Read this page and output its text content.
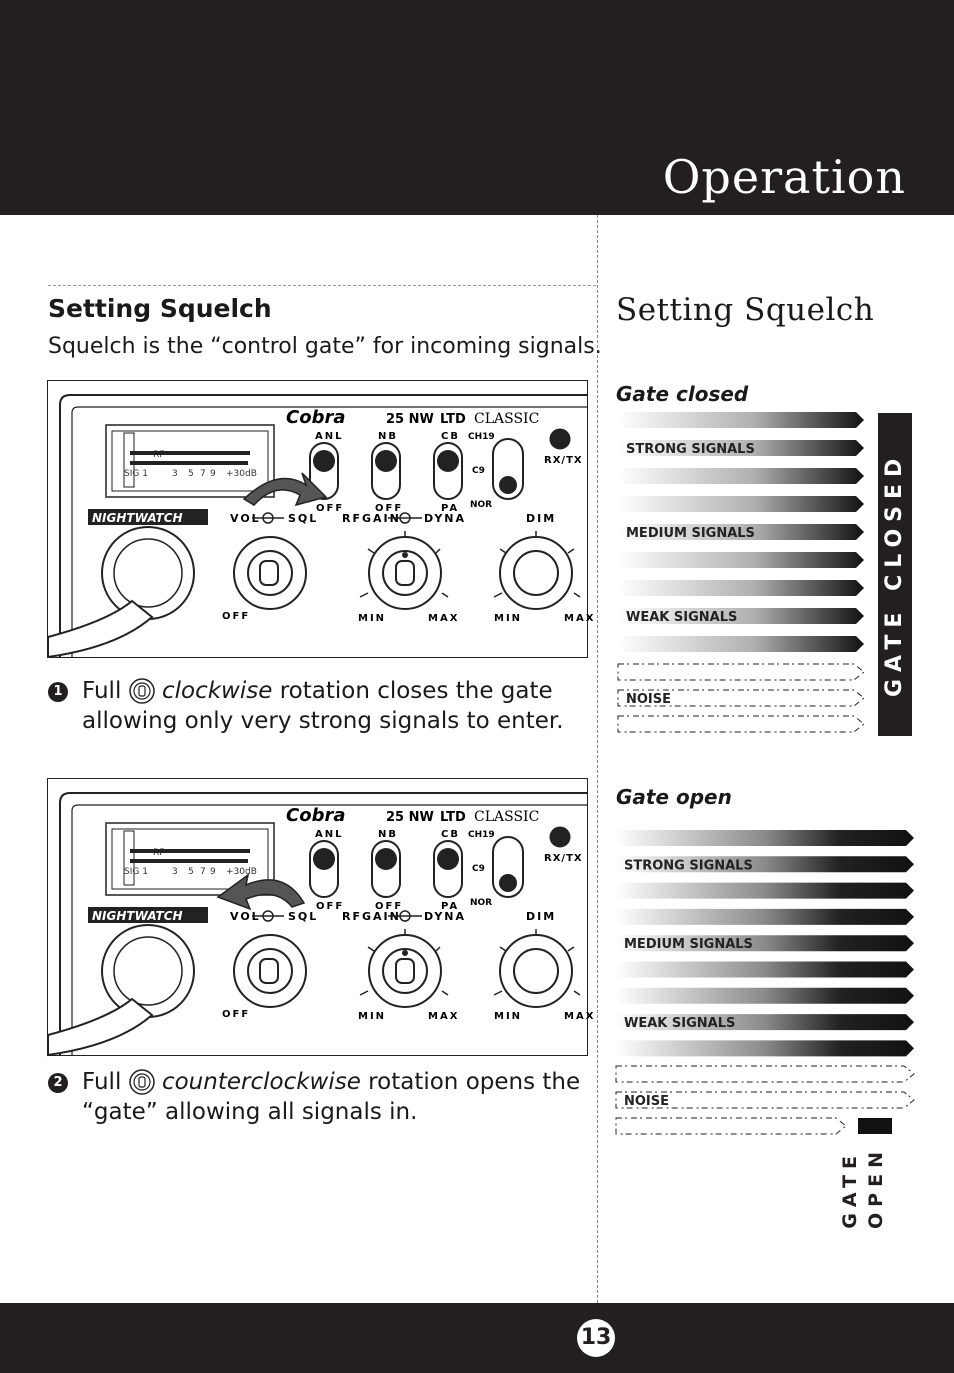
Operation
Setting Squelch
Squelch is the “control gate” for incoming signals.
SIG 1	3 5 7 9 +30dB
Cobra	25 NW LTD CLASSIC
ANL	NB	CB
OFF	OFF	PA
CH19
C9
NOR
RX/TX
NIGHTWATCH	VOL SQL RFGAIN DYNA	DIM
OFF	MIN	MAX	MIN	MAX
SIG 1	3 5 7 9 +30dB
Cobra	25 NW LTD CLASSIC
ANL	NB	CB
OFF	OFF	PA
CH19
C9
NOR
RX/TX
NIGHTWATCH	VOL SQL RFGAIN DYNA	DIM
OFF	MIN	MAX	MIN	MAX
1 Full clockwise rotation closes the gate allowing only very strong signals to enter.
2 Full counterclockwise rotation opens the “gate” allowing all signals in.
Setting Squelch
Gate closed
STRONG SIGNALS
MEDIUM SIGNALS
WEAK SIGNALS
NOISE
GATE CLOSED
Gate open
STRONG SIGNALS
MEDIUM SIGNALS
WEAK SIGNALS
NOISE
GATE OPEN
13
